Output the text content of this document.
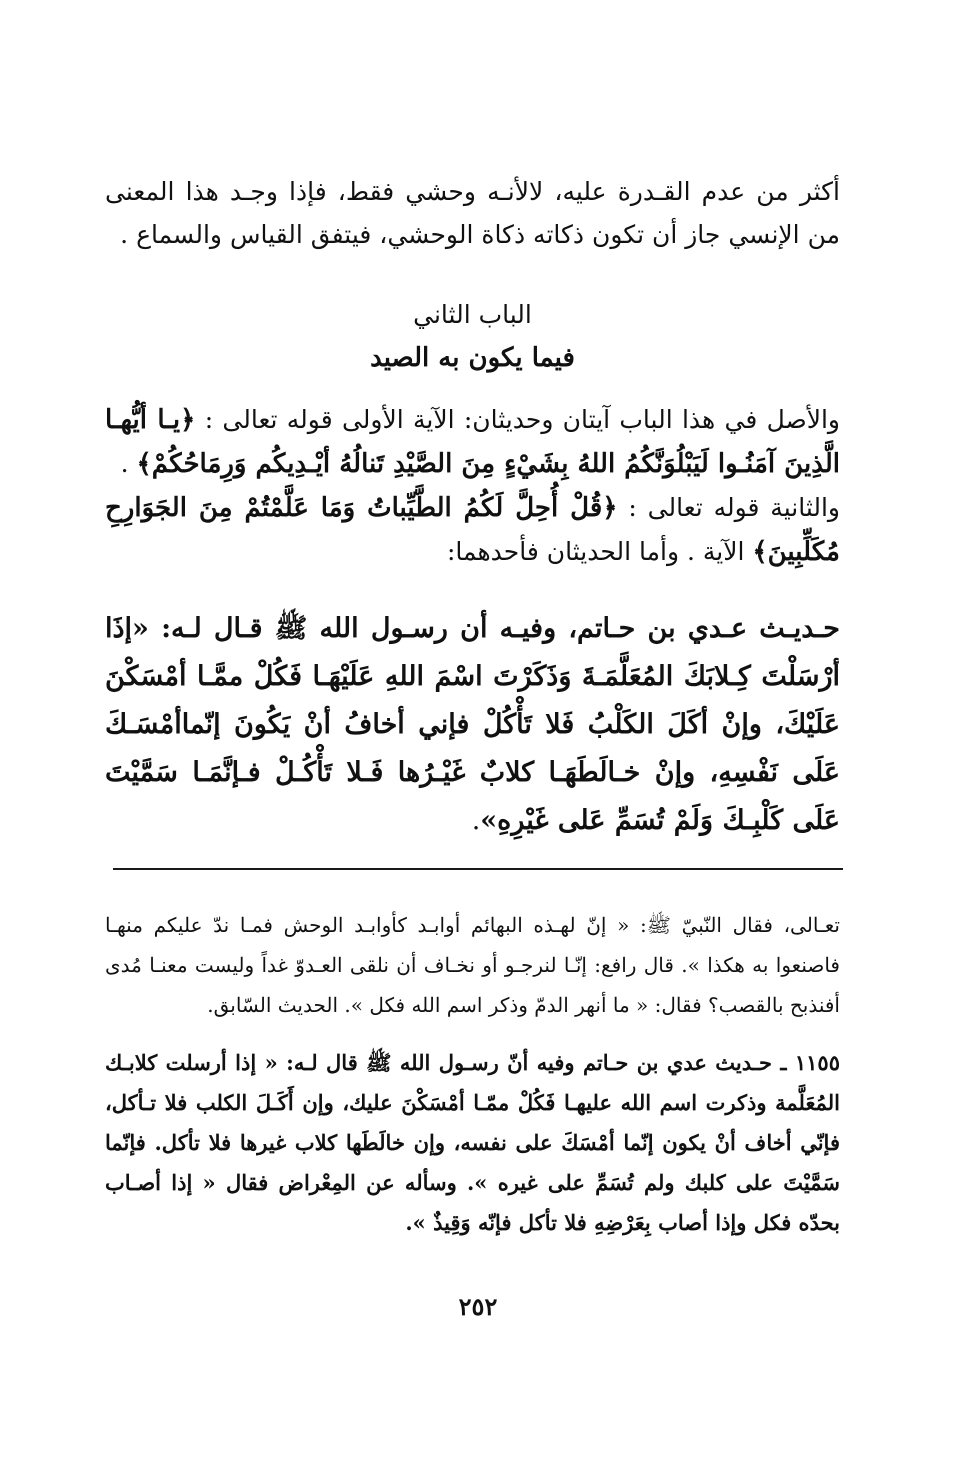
أكثر من عدم القـدرة عليه، لالأنـه وحشي فقط، فإذا وجـد هذا المعنى من الإنسي جاز أن تكون ذكاته ذكاة الوحشي، فيتفق القياس والسماع .

الباب الثاني
فيما يكون به الصيد

والأصل في هذا الباب آيتان وحديثان: الآية الأولى قوله تعالى : ﴿يـا أيُّهـا الَّذِينَ آمَنُـوا لَيَبْلُوَنَّكُمُ اللهُ بِشَيْءٍ مِنَ الصَّيْدِ تَنالُهُ أيْـدِيكُم وَرِمَاحُكُمْ﴾ .
والثانية قوله تعالى : ﴿قُلْ أُحِلَّ لَكُمُ الطَّيِّباتُ وَمَا عَلَّمْتُمْ مِنَ الجَوَارِحِ مُكَلِّبِينَ﴾ الآية . وأما الحديثان فأحدهما:

حـديـث عـدي بن حـاتم، وفيـه أن رسـول الله ﷺ قـال لـه: «إذَا أرْسَلْتَ كِـلابَكَ المُعَلَّمَـةَ وَذَكَرْتَ اسْمَ اللهِ عَلَيْهَـا فَكُلْ ممَّـا أمْسَكْنَ عَلَيْكَ، وإنْ أكَلَ الكَلْبُ فَلا تَأْكُلْ فإني أخافُ أنْ يَكُونَ إنّماأمْسَـكَ عَلَى نَفْسِهِ، وإنْ خـالَطَهَـا كلابٌ غَيْـرُها فَـلا تَأْكُـلْ فـإنَّمَـا سَمَّيْتَ عَلَى كَلْبِـكَ وَلَمْ تُسَمِّ عَلى غَيْرِهِ».

تعـالى، فقال النّبيّ ﷺ: « إنّ لهـذه البهائم أوابـد كأوابـد الوحش فمـا ندّ عليكم منهـا فاصنعوا به هكذا ». قال رافع: إنّـا لنرجـو أو نخـاف أن نلقى العـدوّ غداً وليست معنـا مُدى أفنذبح بالقصب؟ فقال: « ما أنهر الدمّ وذكر اسم الله فكل ». الحديث السّابق.

١١٥٥ ـ حـديث عدي بن حـاتم وفيه أنّ رسـول الله ﷺ قال لـه: « إذا أرسلت كلابـك المُعَلَّمة وذكرت اسم الله عليهـا فَكُلْ ممّـا أمْسَكْنَ عليك، وإن أَكَـلَ الكلب فلا تـأكل، فإنّي أخاف أنْ يكون إنّما أمْسَكَ على نفسه، وإن خالَطَها كلاب غيرها فلا تأكل. فإنّما سَمَّيْتَ على كلبك ولم تُسَمِّ على غيره ». وسأله عن المِعْراض فقال « إذا أصـاب بحدّه فكل وإذا أصاب بِعَرْضِهِ فلا تأكل فإنّه وَقِيذٌ ».

٢٥٢
